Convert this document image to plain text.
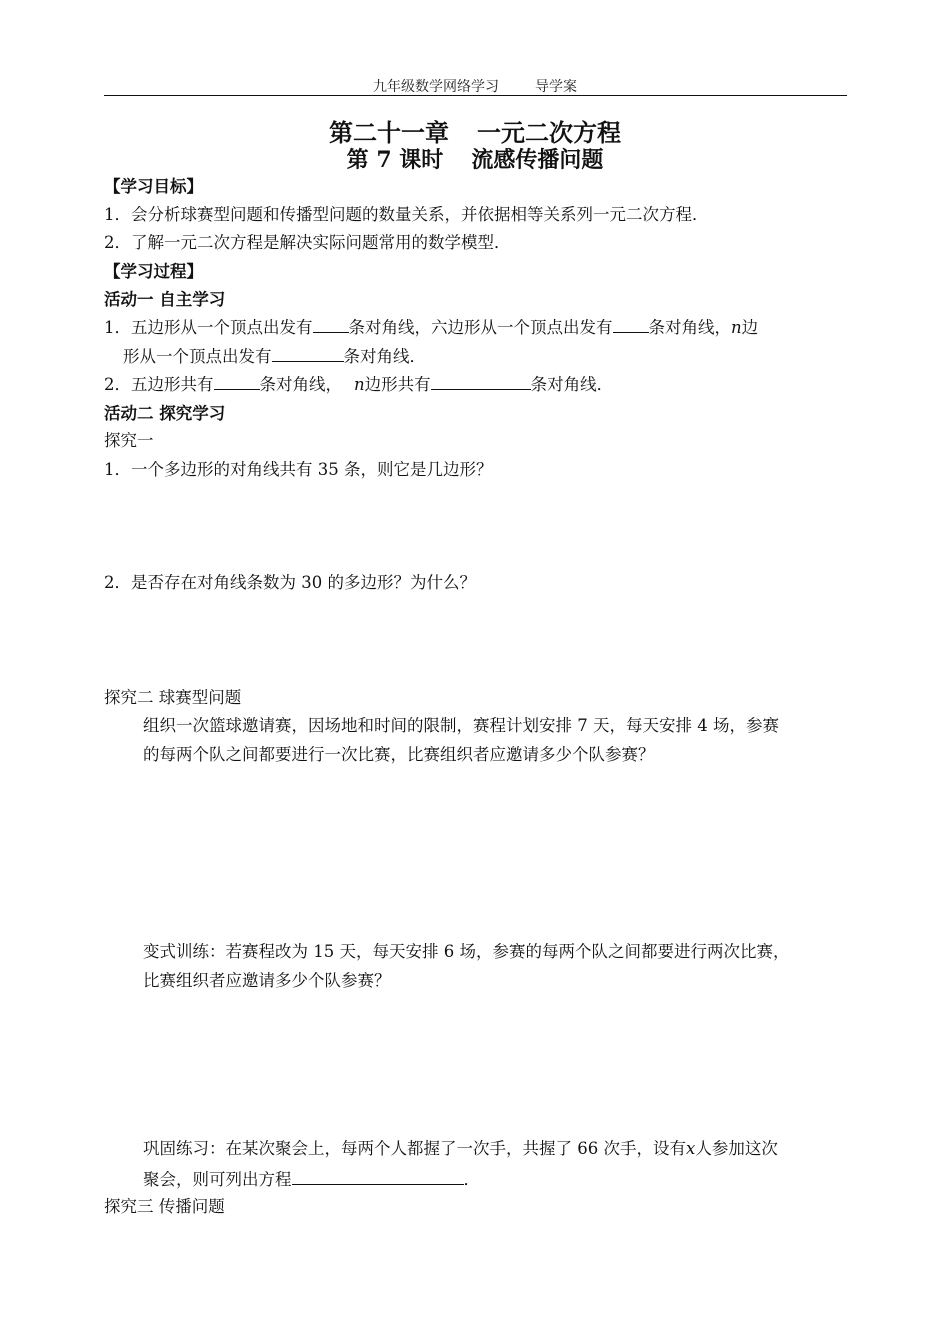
九年级数学网络学习	导学案
第二十一章 一元二次方程
第 7 课时 流感传播问题
【学习目标】
1．会分析球赛型问题和传播型问题的数量关系，并依据相等关系列一元二次方程．
2．了解一元二次方程是解决实际问题常用的数学模型．
【学习过程】
活动一 自主学习
1．五边形从一个顶点出发有 条对角线，六边形从一个顶点出发有 条对角线，n边
形从一个顶点出发有	条对角线．
2．五边形共有	条对角线， n边形共有	条对角线．
活动二 探究学习
探究一
1．一个多边形的对角线共有 35 条，则它是几边形？
2．是否存在对角线条数为 30 的多边形？为什么？
探究二 球赛型问题
组织一次篮球邀请赛，因场地和时间的限制，赛程计划安排 7 天，每天安排 4 场，参赛
的每两个队之间都要进行一次比赛，比赛组织者应邀请多少个队参赛？
变式训练：若赛程改为 15 天，每天安排 6 场，参赛的每两个队之间都要进行两次比赛，
比赛组织者应邀请多少个队参赛？
巩固练习：在某次聚会上，每两个人都握了一次手，共握了 66 次手，设有x人参加这次
聚会，则可列出方程	．
探究三 传播问题
